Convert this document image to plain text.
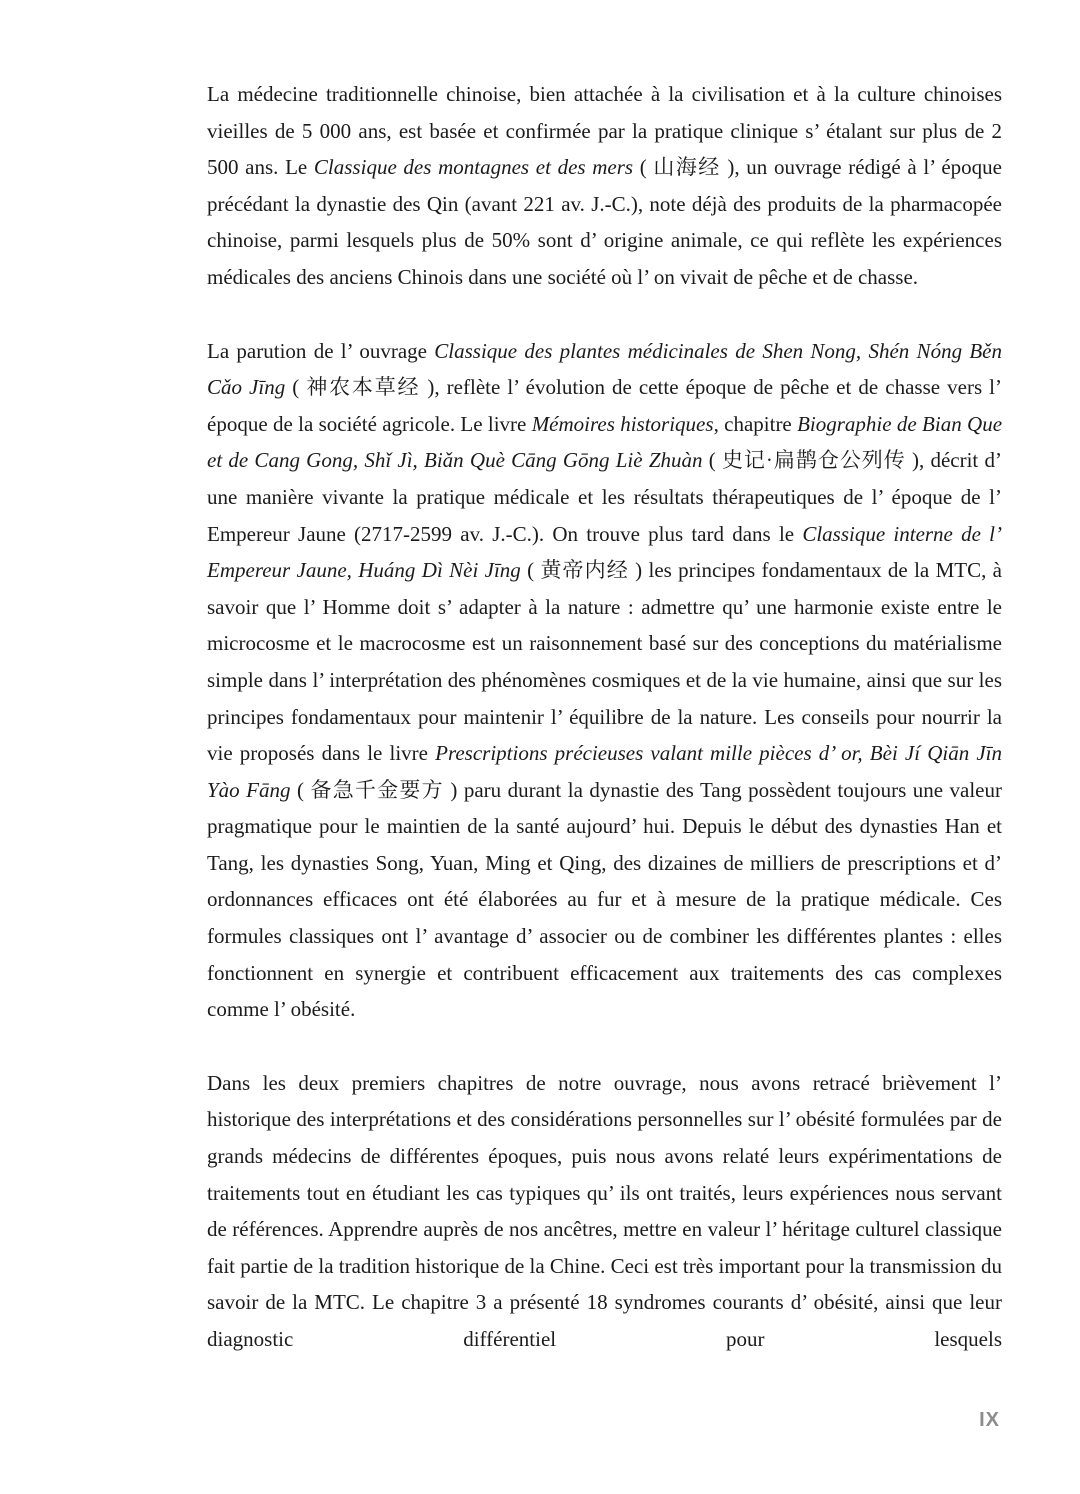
La médecine traditionnelle chinoise, bien attachée à la civilisation et à la culture chinoises vieilles de 5 000 ans, est basée et confirmée par la pratique clinique s’ étalant sur plus de 2 500 ans. Le Classique des montagnes et des mers ( 山海经 ), un ouvrage rédigé à l’ époque précédant la dynastie des Qin (avant 221 av. J.-C.), note déjà des produits de la pharmacopée chinoise, parmi lesquels plus de 50% sont d’ origine animale, ce qui reflète les expériences médicales des anciens Chinois dans une société où l’ on vivait de pêche et de chasse.

La parution de l’ ouvrage Classique des plantes médicinales de Shen Nong, Shén Nóng Běn Cǎo Jīng ( 神农本草经 ), reflète l’ évolution de cette époque de pêche et de chasse vers l’ époque de la société agricole. Le livre Mémoires historiques, chapitre Biographie de Bian Que et de Cang Gong, Shǐ Jì, Biǎn Què Cāng Gōng Liè Zhuàn ( 史记·扁鹊仓公列传 ), décrit d’ une manière vivante la pratique médicale et les résultats thérapeutiques de l’ époque de l’ Empereur Jaune (2717-2599 av. J.-C.). On trouve plus tard dans le Classique interne de l’ Empereur Jaune, Huáng Dì Nèi Jīng ( 黄帝内经 ) les principes fondamentaux de la MTC, à savoir que l’ Homme doit s’ adapter à la nature : admettre qu’ une harmonie existe entre le microcosme et le macrocosme est un raisonnement basé sur des conceptions du matérialisme simple dans l’ interprétation des phénomènes cosmiques et de la vie humaine, ainsi que sur les principes fondamentaux pour maintenir l’ équilibre de la nature. Les conseils pour nourrir la vie proposés dans le livre Prescriptions précieuses valant mille pièces d’ or, Bèi Jí Qiān Jīn Yào Fāng ( 备急千金要方 ) paru durant la dynastie des Tang possèdent toujours une valeur pragmatique pour le maintien de la santé aujourd’ hui. Depuis le début des dynasties Han et Tang, les dynasties Song, Yuan, Ming et Qing, des dizaines de milliers de prescriptions et d’ ordonnances efficaces ont été élaborées au fur et à mesure de la pratique médicale. Ces formules classiques ont l’ avantage d’ associer ou de combiner les différentes plantes : elles fonctionnent en synergie et contribuent efficacement aux traitements des cas complexes comme l’ obésité.

Dans les deux premiers chapitres de notre ouvrage, nous avons retracé brièvement l’ historique des interprétations et des considérations personnelles sur l’ obésité formulées par de grands médecins de différentes époques, puis nous avons relaté leurs expérimentations de traitements tout en étudiant les cas typiques qu’ ils ont traités, leurs expériences nous servant de références. Apprendre auprès de nos ancêtres, mettre en valeur l’ héritage culturel classique fait partie de la tradition historique de la Chine. Ceci est très important pour la transmission du savoir de la MTC. Le chapitre 3 a présenté 18 syndromes courants d’ obésité, ainsi que leur diagnostic différentiel pour lesquels

IX
